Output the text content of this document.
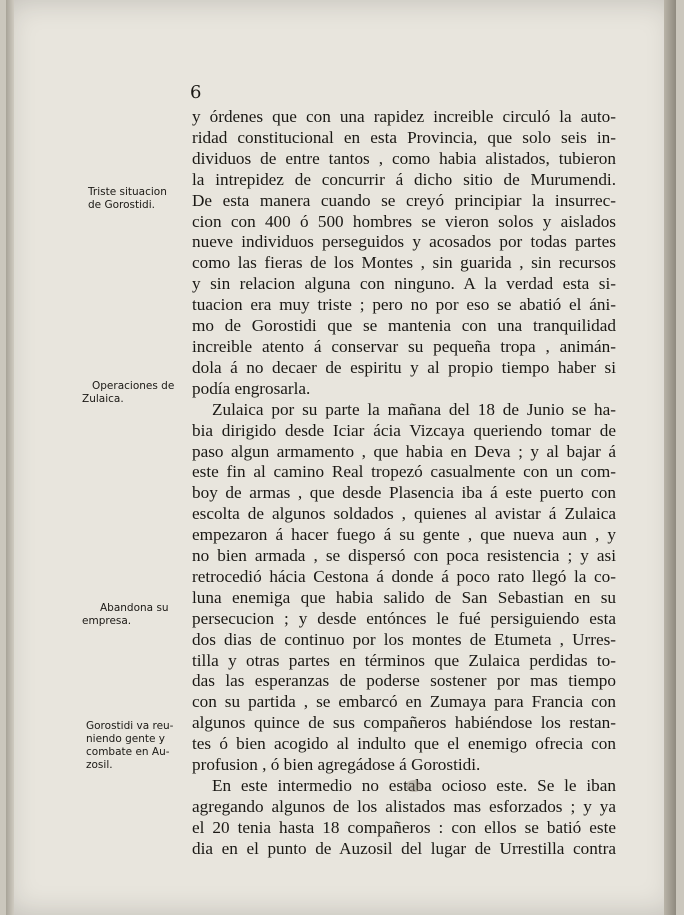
6
Triste situacion
de Gorostidi.
Operaciones de
Zulaica.
Abandona su
empresa.
Gorostidi va reu-
niendo gente y
combate en Au-
zosil.
y órdenes que con una rapidez increible circuló la auto-
ridad constitucional en esta Provincia, que solo seis in-
dividuos de entre tantos , como habia alistados, tubieron
la intrepidez de concurrir á dicho sitio de Murumendi.
De esta manera cuando se creyó principiar la insurrec-
cion con 400 ó 500 hombres se vieron solos y aislados
nueve individuos perseguidos y acosados por todas partes
como las fieras de los Montes , sin guarida , sin recursos
y sin relacion alguna con ninguno. A la verdad esta si-
tuacion era muy triste ; pero no por eso se abatió el áni-
mo de Gorostidi que se mantenia con una tranquilidad
increible atento á conservar su pequeña tropa , animán-
dola á no decaer de espiritu y al propio tiempo haber si
podía engrosarla.
Zulaica por su parte la mañana del 18 de Junio se ha-
bia dirigido desde Iciar ácia Vizcaya queriendo tomar de
paso algun armamento , que habia en Deva ; y al bajar á
este fin al camino Real tropezó casualmente con un com-
boy de armas , que desde Plasencia iba á este puerto con
escolta de algunos soldados , quienes al avistar á Zulaica
empezaron á hacer fuego á su gente , que nueva aun , y
no bien armada , se dispersó con poca resistencia ; y asi
retrocedió hácia Cestona á donde á poco rato llegó la co-
luna enemiga que habia salido de San Sebastian en su
persecucion ; y desde entónces le fué persiguiendo esta
dos dias de continuo por los montes de Etumeta , Urres-
tilla y otras partes en términos que Zulaica perdidas to-
das las esperanzas de poderse sostener por mas tiempo
con su partida , se embarcó en Zumaya para Francia con
algunos quince de sus compañeros habiéndose los restan-
tes ó bien acogido al indulto que el enemigo ofrecia con
profusion , ó bien agregádose á Gorostidi.
En este intermedio no estaba ocioso este. Se le iban
agregando algunos de los alistados mas esforzados ; y ya
el 20 tenia hasta 18 compañeros : con ellos se batió este
dia en el punto de Auzosil del lugar de Urrestilla contra
